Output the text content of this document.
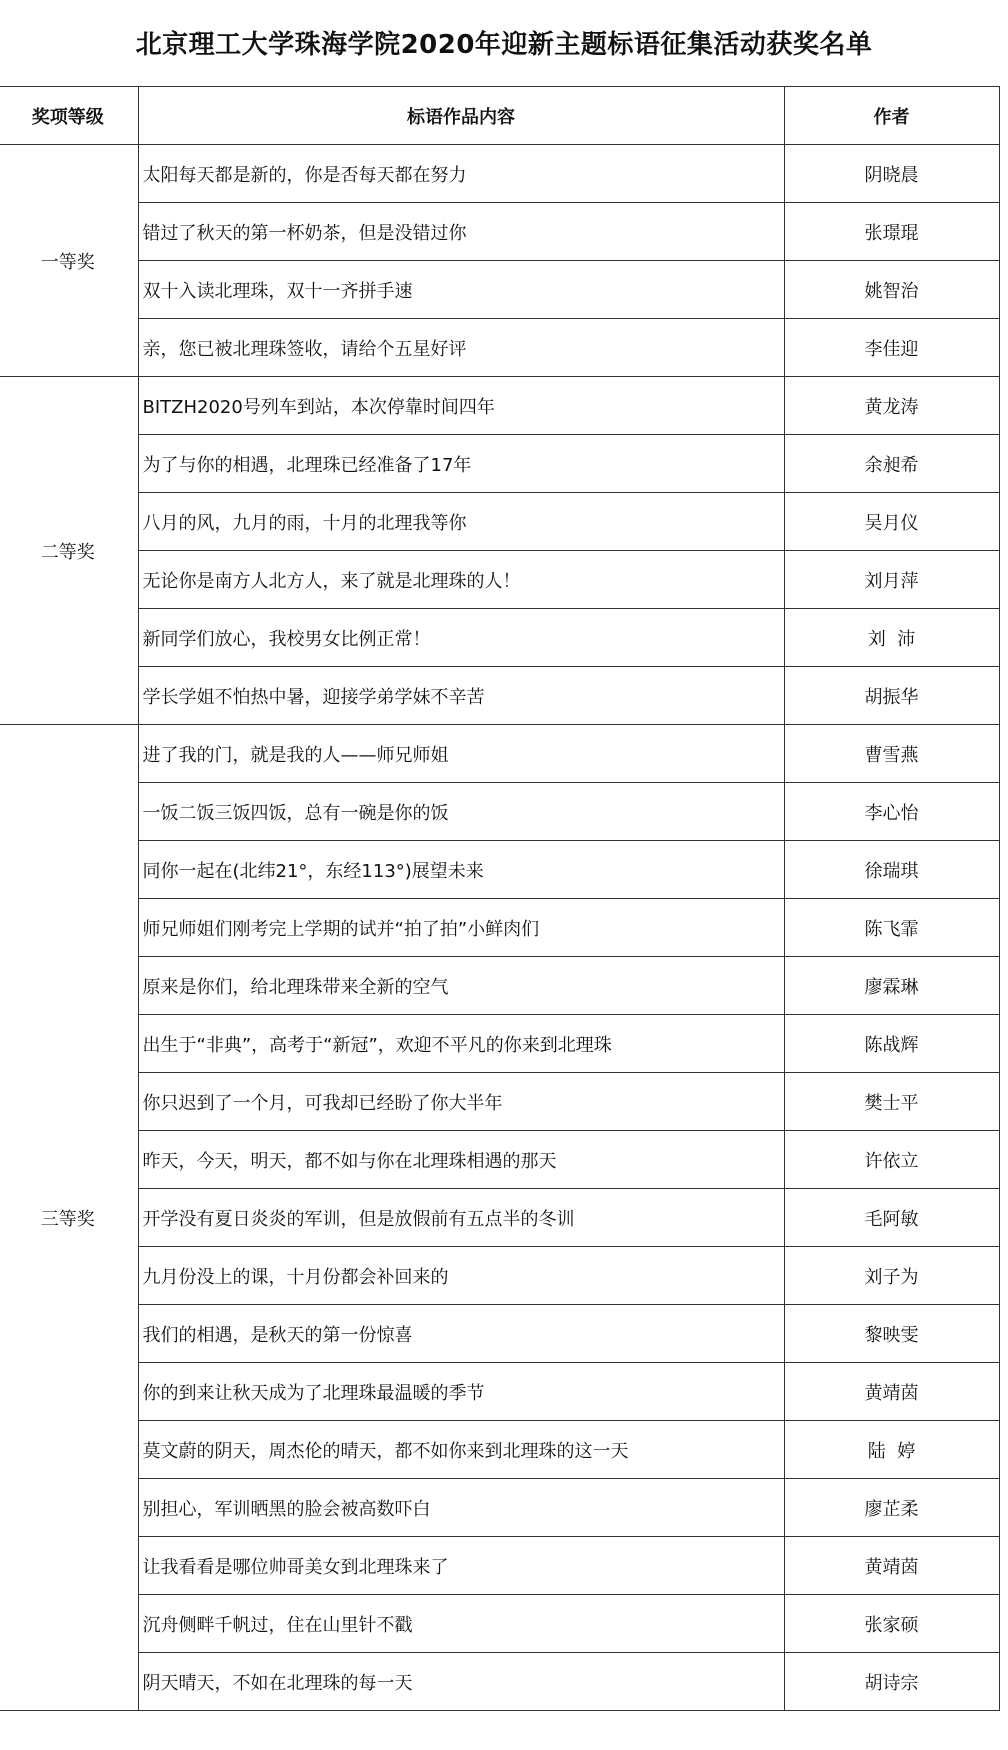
北京理工大学珠海学院2020年迎新主题标语征集活动获奖名单
奖项等级	标语作品内容	作者
一等奖	太阳每天都是新的，你是否每天都在努力	阴晓晨
	错过了秋天的第一杯奶茶，但是没错过你	张璟琨
	双十入读北理珠，双十一齐拼手速	姚智治
	亲，您已被北理珠签收，请给个五星好评	李佳迎
二等奖	BITZH2020号列车到站，本次停靠时间四年	黄龙涛
	为了与你的相遇，北理珠已经准备了17年	余昶希
	八月的风，九月的雨，十月的北理我等你	吴月仪
	无论你是南方人北方人，来了就是北理珠的人！	刘月萍
	新同学们放心，我校男女比例正常！	刘  沛
	学长学姐不怕热中暑，迎接学弟学妹不辛苦	胡振华
三等奖	进了我的门，就是我的人——师兄师姐	曹雪燕
	一饭二饭三饭四饭，总有一碗是你的饭	李心怡
	同你一起在(北纬21°，东经113°)展望未来	徐瑞琪
	师兄师姐们刚考完上学期的试并“拍了拍”小鲜肉们	陈飞霏
	原来是你们，给北理珠带来全新的空气	廖霖琳
	出生于“非典”，高考于“新冠”，欢迎不平凡的你来到北理珠	陈战辉
	你只迟到了一个月，可我却已经盼了你大半年	樊士平
	昨天，今天，明天，都不如与你在北理珠相遇的那天	许依立
	开学没有夏日炎炎的军训，但是放假前有五点半的冬训	毛阿敏
	九月份没上的课，十月份都会补回来的	刘子为
	我们的相遇，是秋天的第一份惊喜	黎映雯
	你的到来让秋天成为了北理珠最温暖的季节	黄靖茵
	莫文蔚的阴天，周杰伦的晴天，都不如你来到北理珠的这一天	陆  婷
	别担心，军训晒黑的脸会被高数吓白	廖芷柔
	让我看看是哪位帅哥美女到北理珠来了	黄靖茵
	沉舟侧畔千帆过，住在山里针不戳	张家硕
	阴天晴天，不如在北理珠的每一天	胡诗宗
